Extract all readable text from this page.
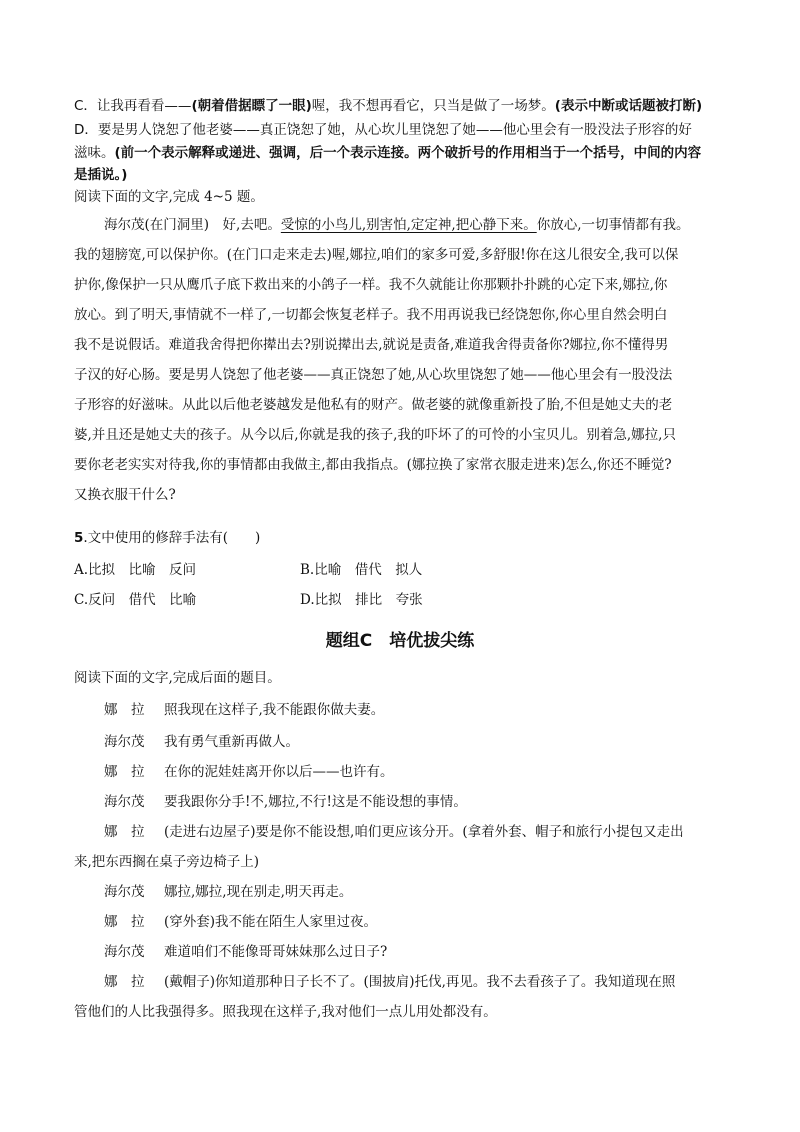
C．让我再看看——(朝着借据瞟了一眼)喔，我不想再看它，只当是做了一场梦。(表示中断或话题被打断)
D．要是男人饶恕了他老婆——真正饶恕了她，从心坎儿里饶恕了她——他心里会有一股没法子形容的好
滋味。(前一个表示解释或递进、强调，后一个表示连接。两个破折号的作用相当于一个括号，中间的内容
是插说。)
阅读下面的文字,完成 4~5 题。
海尔茂(在门洞里)　好,去吧。受惊的小鸟儿,别害怕,定定神,把心静下来。你放心,一切事情都有我。
我的翅膀宽,可以保护你。(在门口走来走去)喔,娜拉,咱们的家多可爱,多舒服!你在这儿很安全,我可以保
护你,像保护一只从鹰爪子底下救出来的小鸽子一样。我不久就能让你那颗扑扑跳的心定下来,娜拉,你
放心。到了明天,事情就不一样了,一切都会恢复老样子。我不用再说我已经饶恕你,你心里自然会明白
我不是说假话。难道我舍得把你撵出去?别说撵出去,就说是责备,难道我舍得责备你?娜拉,你不懂得男
子汉的好心肠。要是男人饶恕了他老婆——真正饶恕了她,从心坎里饶恕了她——他心里会有一股没法
子形容的好滋味。从此以后他老婆越发是他私有的财产。做老婆的就像重新投了胎,不但是她丈夫的老
婆,并且还是她丈夫的孩子。从今以后,你就是我的孩子,我的吓坏了的可怜的小宝贝儿。别着急,娜拉,只
要你老老实实对待我,你的事情都由我做主,都由我指点。(娜拉换了家常衣服走进来)怎么,你还不睡觉?
又换衣服干什么?
5.文中使用的修辞手法有(　　)
A.比拟　比喻　反问	B.比喻　借代　拟人
C.反问　借代　比喻	D.比拟　排比　夸张
题组C　培优拔尖练
阅读下面的文字,完成后面的题目。
娜　拉 照我现在这样子,我不能跟你做夫妻。
海尔茂 我有勇气重新再做人。
娜　拉 在你的泥娃娃离开你以后——也许有。
海尔茂 要我跟你分手!不,娜拉,不行!这是不能设想的事情。
娜　拉 (走进右边屋子)要是你不能设想,咱们更应该分开。(拿着外套、帽子和旅行小提包又走出
来,把东西搁在桌子旁边椅子上)
海尔茂 娜拉,娜拉,现在别走,明天再走。
娜　拉 (穿外套)我不能在陌生人家里过夜。
海尔茂 难道咱们不能像哥哥妹妹那么过日子?
娜　拉 (戴帽子)你知道那种日子长不了。(围披肩)托伐,再见。我不去看孩子了。我知道现在照
管他们的人比我强得多。照我现在这样子,我对他们一点儿用处都没有。
